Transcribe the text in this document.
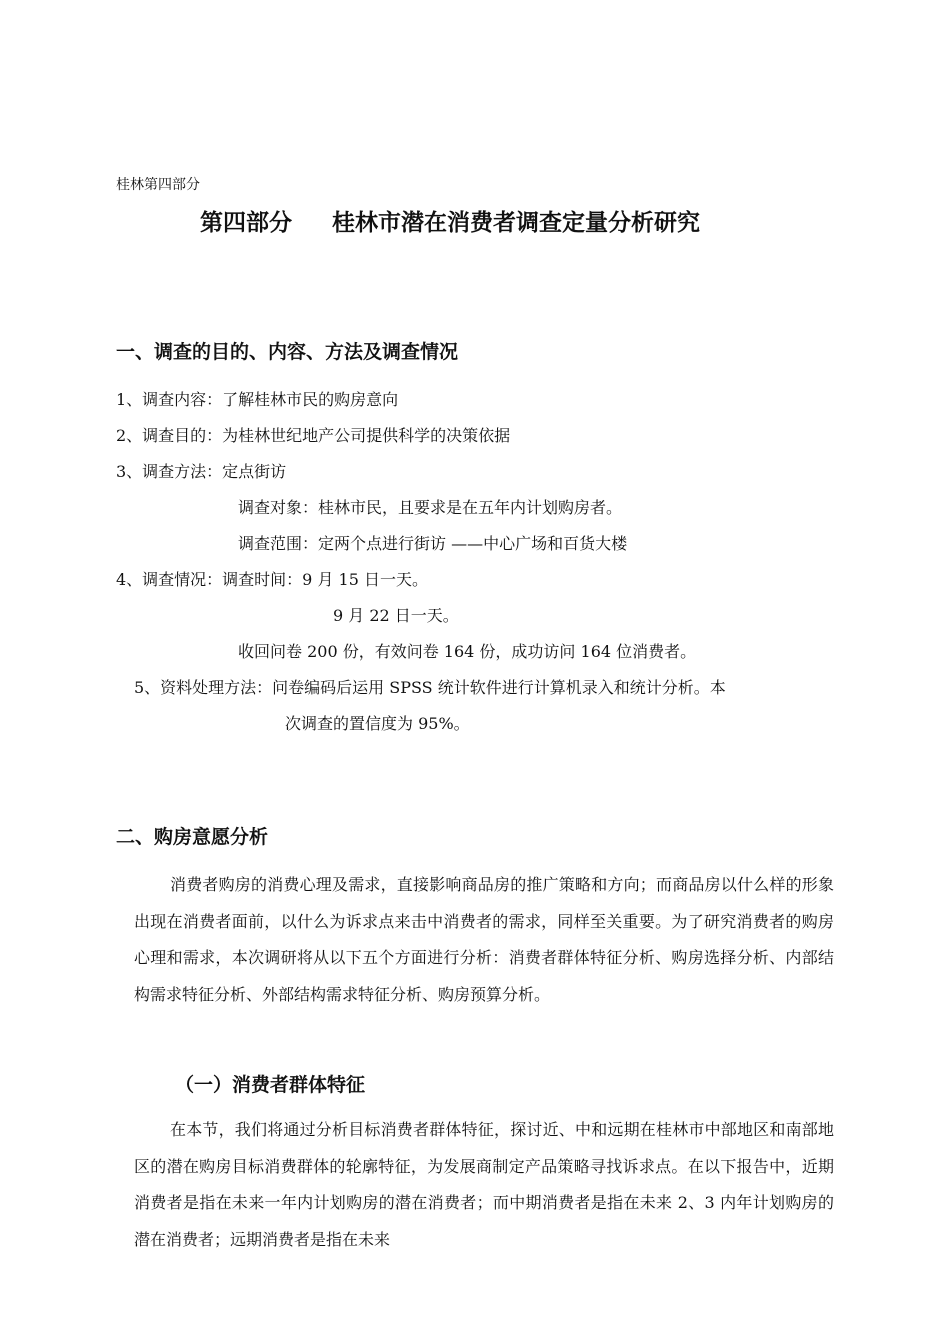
桂林第四部分
第四部分 桂林市潜在消费者调查定量分析研究
一、调查的目的、内容、方法及调查情况
1、调查内容：了解桂林市民的购房意向
2、调查目的：为桂林世纪地产公司提供科学的决策依据
3、调查方法：定点街访
调查对象：桂林市民，且要求是在五年内计划购房者。
调查范围：定两个点进行街访 ——中心广场和百货大楼
4、调查情况：调查时间：9 月 15 日一天。
9 月 22 日一天。
收回问卷 200 份，有效问卷 164 份，成功访问 164 位消费者。
5、资料处理方法：问卷编码后运用 SPSS 统计软件进行计算机录入和统计分析。本
次调查的置信度为 95%。
二、购房意愿分析
消费者购房的消费心理及需求，直接影响商品房的推广策略和方向；而商品房以什么样的形象出现在消费者面前，以什么为诉求点来击中消费者的需求，同样至关重要。为了研究消费者的购房心理和需求，本次调研将从以下五个方面进行分析：消费者群体特征分析、购房选择分析、内部结构需求特征分析、外部结构需求特征分析、购房预算分析。
（一）消费者群体特征
在本节，我们将通过分析目标消费者群体特征，探讨近、中和远期在桂林市中部地区和南部地区的潜在购房目标消费群体的轮廓特征，为发展商制定产品策略寻找诉求点。在以下报告中，近期消费者是指在未来一年内计划购房的潜在消费者；而中期消费者是指在未来 2、3 内年计划购房的潜在消费者；远期消费者是指在未来
